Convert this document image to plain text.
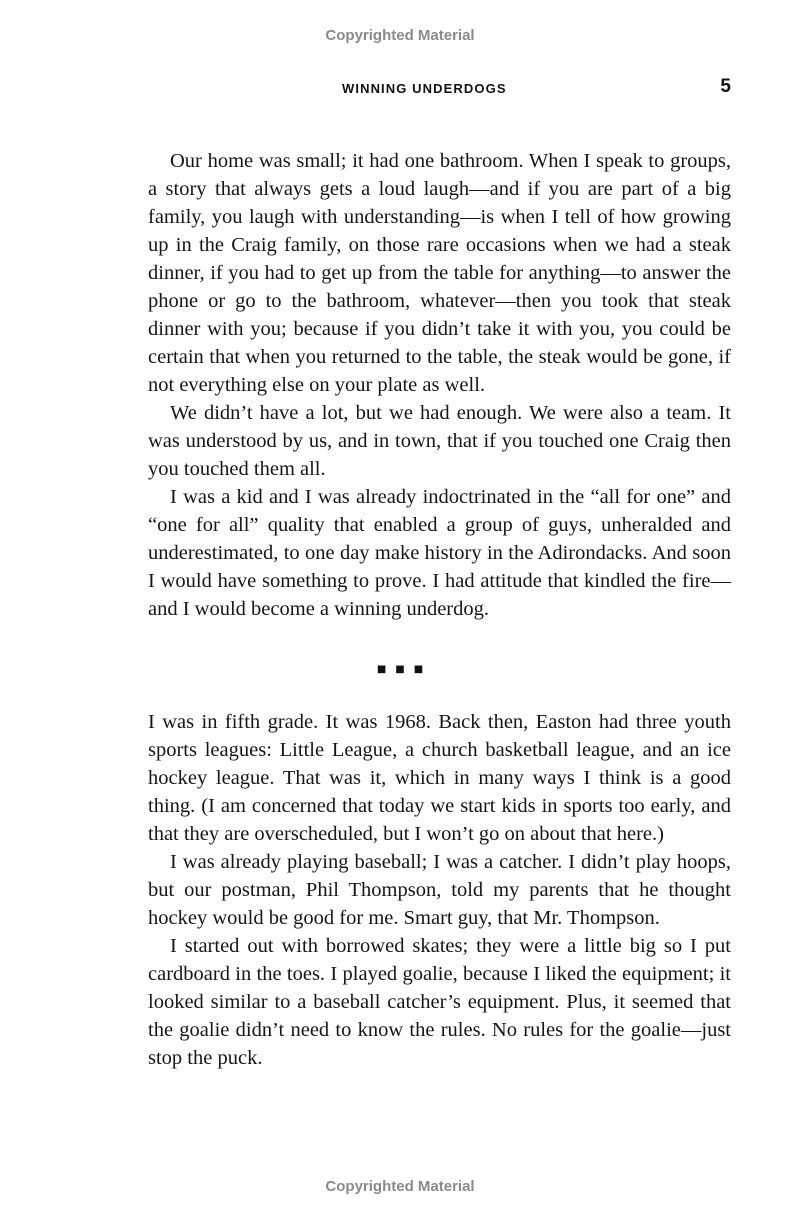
Copyrighted Material
WINNING UNDERDOGS	5

Our home was small; it had one bathroom. When I speak to groups, a story that always gets a loud laugh—and if you are part of a big family, you laugh with understanding—is when I tell of how growing up in the Craig family, on those rare occasions when we had a steak dinner, if you had to get up from the table for anything—to answer the phone or go to the bathroom, whatever—then you took that steak dinner with you; because if you didn’t take it with you, you could be certain that when you returned to the table, the steak would be gone, if not everything else on your plate as well.

We didn’t have a lot, but we had enough. We were also a team. It was understood by us, and in town, that if you touched one Craig then you touched them all.

I was a kid and I was already indoctrinated in the “all for one” and “one for all” quality that enabled a group of guys, unheralded and underestimated, to one day make history in the Adirondacks. And soon I would have something to prove. I had attitude that kindled the fire—and I would become a winning underdog.

■■■

I was in fifth grade. It was 1968. Back then, Easton had three youth sports leagues: Little League, a church basketball league, and an ice hockey league. That was it, which in many ways I think is a good thing. (I am concerned that today we start kids in sports too early, and that they are overscheduled, but I won’t go on about that here.)

I was already playing baseball; I was a catcher. I didn’t play hoops, but our postman, Phil Thompson, told my parents that he thought hockey would be good for me. Smart guy, that Mr. Thompson.

I started out with borrowed skates; they were a little big so I put cardboard in the toes. I played goalie, because I liked the equipment; it looked similar to a baseball catcher’s equipment. Plus, it seemed that the goalie didn’t need to know the rules. No rules for the goalie—just stop the puck.

Copyrighted Material
